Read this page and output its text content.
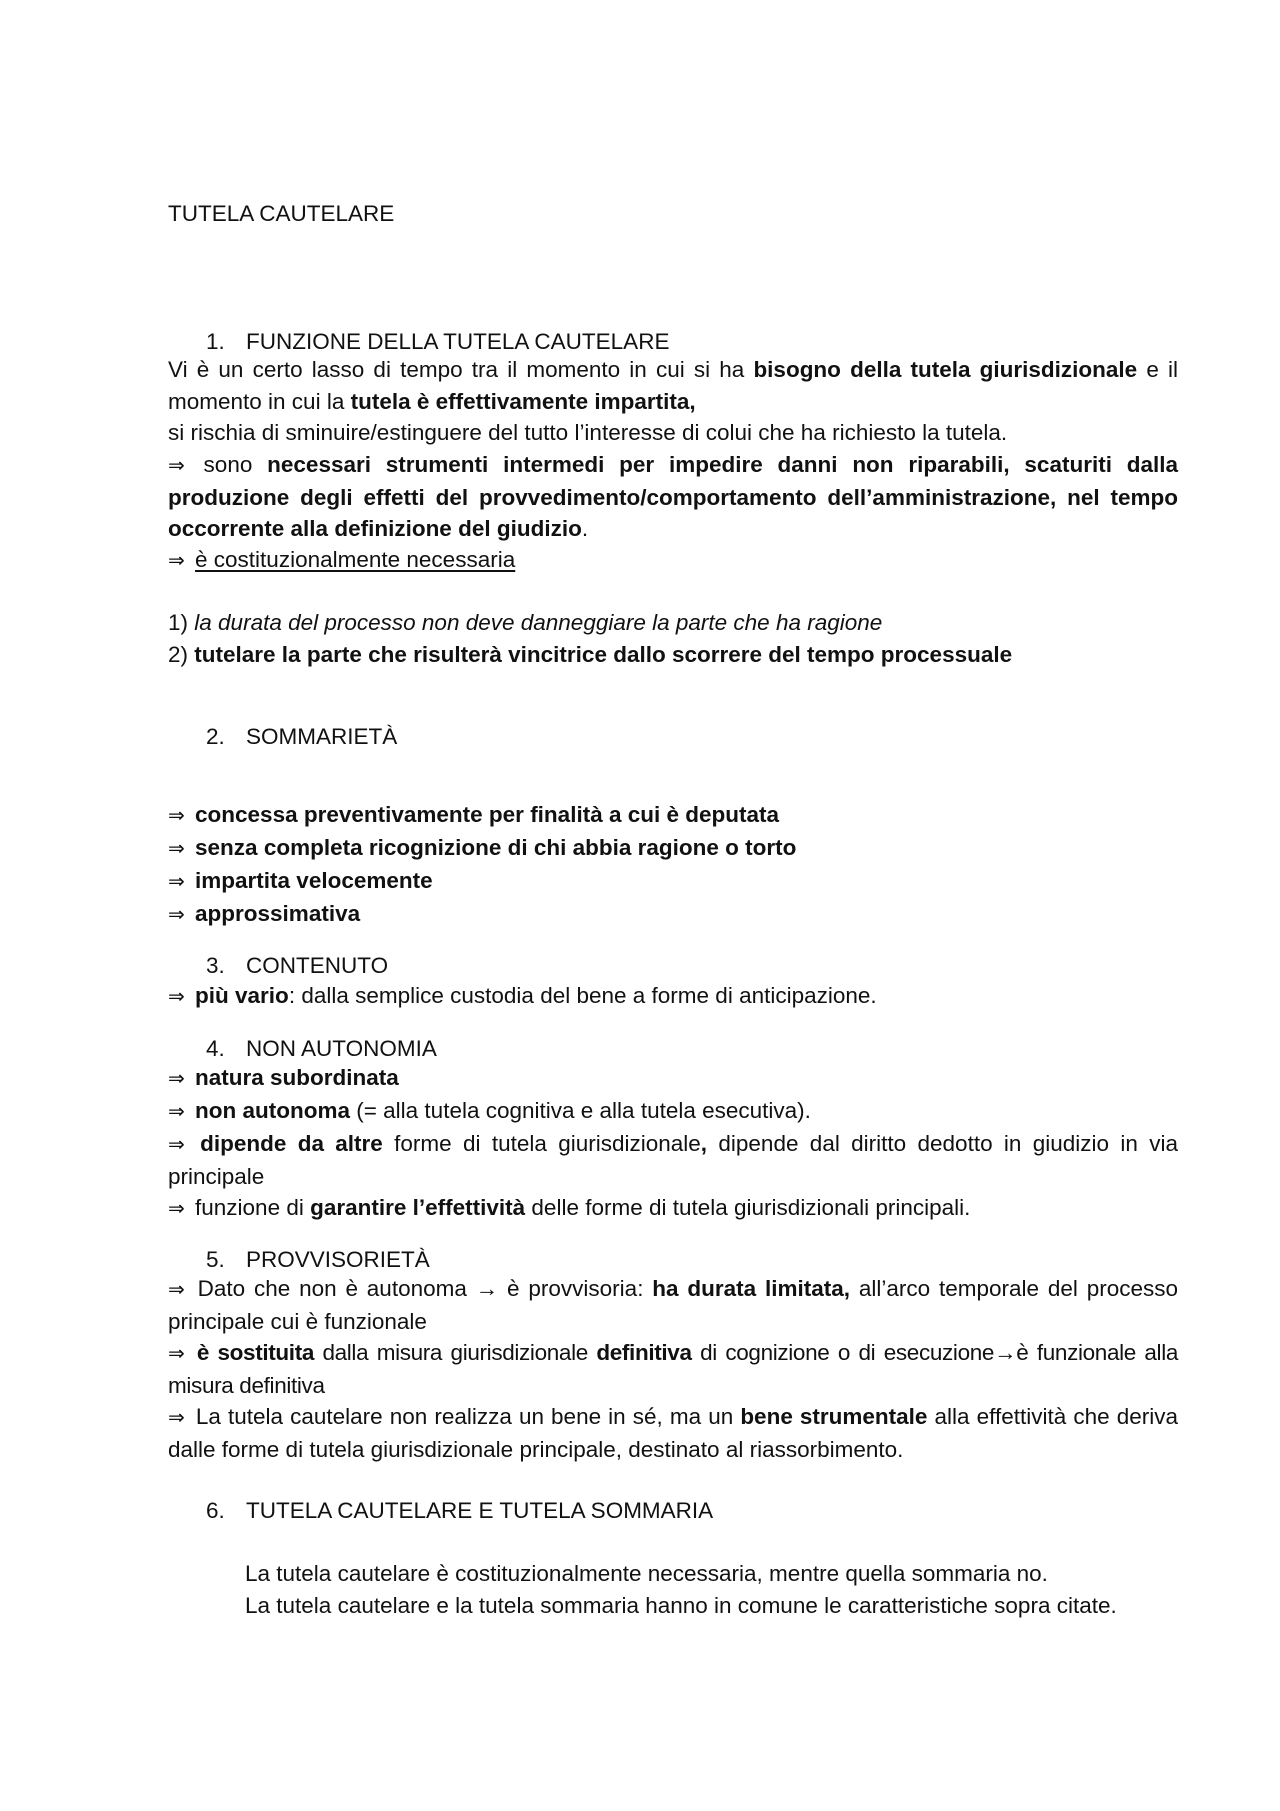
TUTELA CAUTELARE
1. FUNZIONE DELLA TUTELA CAUTELARE

Vi è un certo lasso di tempo tra il momento in cui si ha bisogno della tutela giurisdizionale e il momento in cui la tutela è effettivamente impartita,

si rischia di sminuire/estinguere del tutto l’interesse di colui che ha richiesto la tutela.

⇒ sono necessari strumenti intermedi per impedire danni non riparabili, scaturiti dalla produzione degli effetti del provvedimento/comportamento dell’amministrazione, nel tempo occorrente alla definizione del giudizio.

⇒ è costituzionalmente necessaria

1) la durata del processo non deve danneggiare la parte che ha ragione

2) tutelare la parte che risulterà vincitrice dallo scorrere del tempo processuale

2. SOMMARIETÀ

⇒ concessa preventivamente per finalità a cui è deputata

⇒ senza completa ricognizione di chi abbia ragione o torto

⇒ impartita velocemente

⇒ approssimativa

3. CONTENUTO

⇒ più vario: dalla semplice custodia del bene a forme di anticipazione.

4. NON AUTONOMIA

⇒ natura subordinata

⇒ non autonoma (= alla tutela cognitiva e alla tutela esecutiva).

⇒ dipende da altre forme di tutela giurisdizionale, dipende dal diritto dedotto in giudizio in via principale

⇒ funzione di garantire l’effettività delle forme di tutela giurisdizionali principali.

5. PROVVISORIETÀ

⇒ Dato che non è autonoma → è provvisoria: ha durata limitata, all’arco temporale del processo principale cui è funzionale

⇒ è sostituita dalla misura giurisdizionale definitiva di cognizione o di esecuzione→è funzionale alla misura definitiva

⇒ La tutela cautelare non realizza un bene in sé, ma un bene strumentale alla effettività che deriva dalle forme di tutela giurisdizionale principale, destinato al riassorbimento.

6. TUTELA CAUTELARE E TUTELA SOMMARIA

La tutela cautelare è costituzionalmente necessaria, mentre quella sommaria no.

La tutela cautelare e la tutela sommaria hanno in comune le caratteristiche sopra citate.
